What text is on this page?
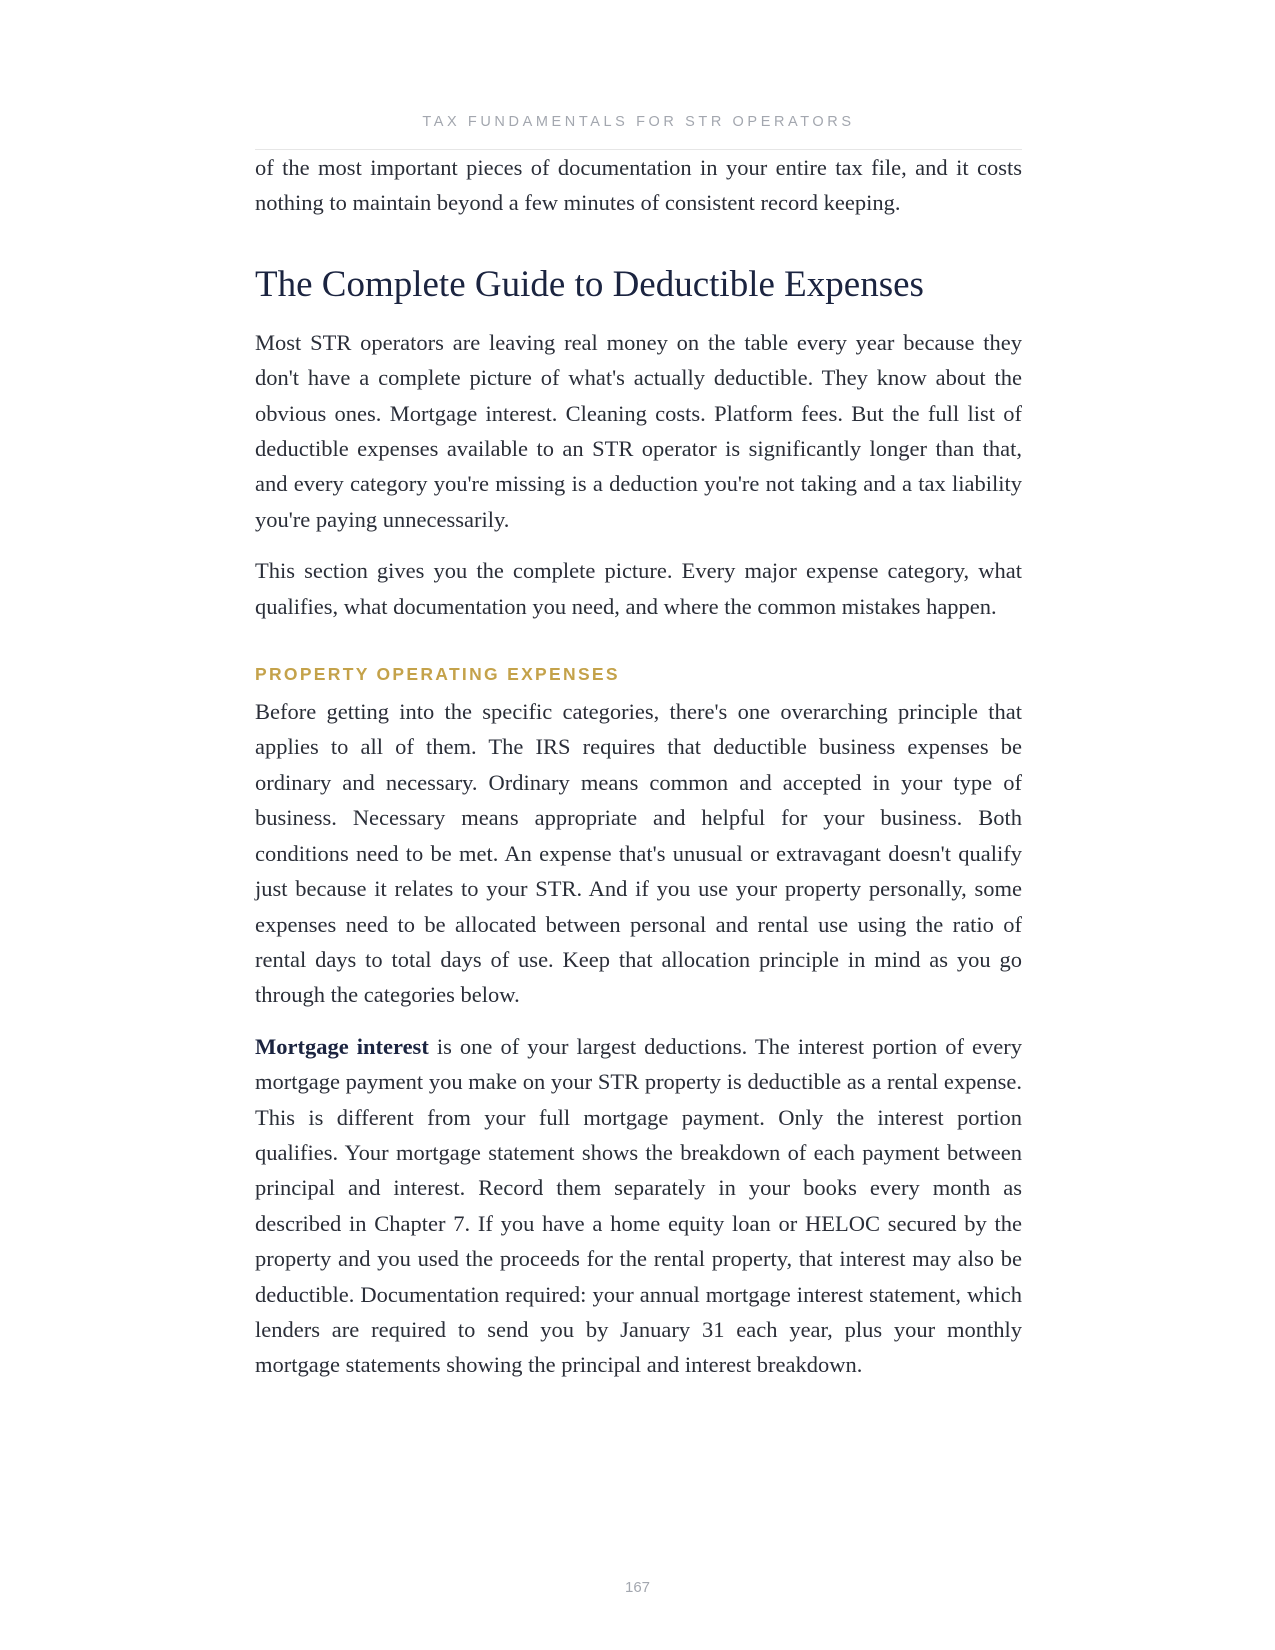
TAX FUNDAMENTALS FOR STR OPERATORS

of the most important pieces of documentation in your entire tax file, and it costs nothing to maintain beyond a few minutes of consistent record keeping.

The Complete Guide to Deductible Expenses

Most STR operators are leaving real money on the table every year because they don't have a complete picture of what's actually deductible. They know about the obvious ones. Mortgage interest. Cleaning costs. Platform fees. But the full list of deductible expenses available to an STR operator is significantly longer than that, and every category you're missing is a deduction you're not taking and a tax liability you're paying unnecessarily.

This section gives you the complete picture. Every major expense category, what qualifies, what documentation you need, and where the common mistakes happen.

PROPERTY OPERATING EXPENSES

Before getting into the specific categories, there's one overarching principle that applies to all of them. The IRS requires that deductible business expenses be ordinary and necessary. Ordinary means common and accepted in your type of business. Necessary means appropriate and helpful for your business. Both conditions need to be met. An expense that's unusual or extravagant doesn't qualify just because it relates to your STR. And if you use your property personally, some expenses need to be allocated between personal and rental use using the ratio of rental days to total days of use. Keep that allocation principle in mind as you go through the categories below.

Mortgage interest is one of your largest deductions. The interest portion of every mortgage payment you make on your STR property is deductible as a rental expense. This is different from your full mortgage payment. Only the interest portion qualifies. Your mortgage statement shows the breakdown of each payment between principal and interest. Record them separately in your books every month as described in Chapter 7. If you have a home equity loan or HELOC secured by the property and you used the proceeds for the rental property, that interest may also be deductible. Documentation required: your annual mortgage interest statement, which lenders are required to send you by January 31 each year, plus your monthly mortgage statements showing the principal and interest breakdown.

167
